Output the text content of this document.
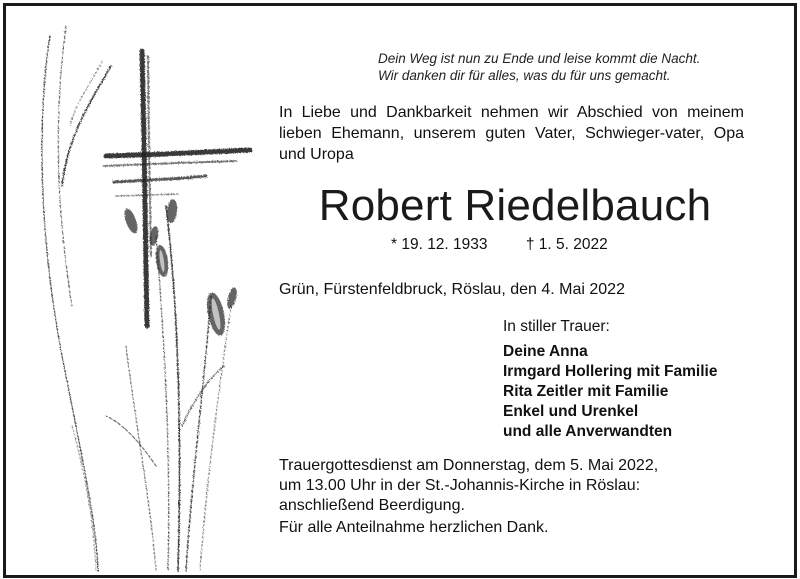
Dein Weg ist nun zu Ende und leise kommt die Nacht.
Wir danken dir für alles, was du für uns gemacht.
In Liebe und Dankbarkeit nehmen wir Abschied von meinem lieben Ehemann, unserem guten Vater, Schwieger-vater, Opa und Uropa
Robert Riedelbauch
* 19. 12. 1933 † 1. 5. 2022
Grün, Fürstenfeldbruck, Röslau, den 4. Mai 2022
In stiller Trauer:
Deine Anna
Irmgard Hollering mit Familie
Rita Zeitler mit Familie
Enkel und Urenkel
und alle Anverwandten
Trauergottesdienst am Donnerstag, dem 5. Mai 2022,
um 13.00 Uhr in der St.-Johannis-Kirche in Röslau:
anschließend Beerdigung.
Für alle Anteilnahme herzlichen Dank.
